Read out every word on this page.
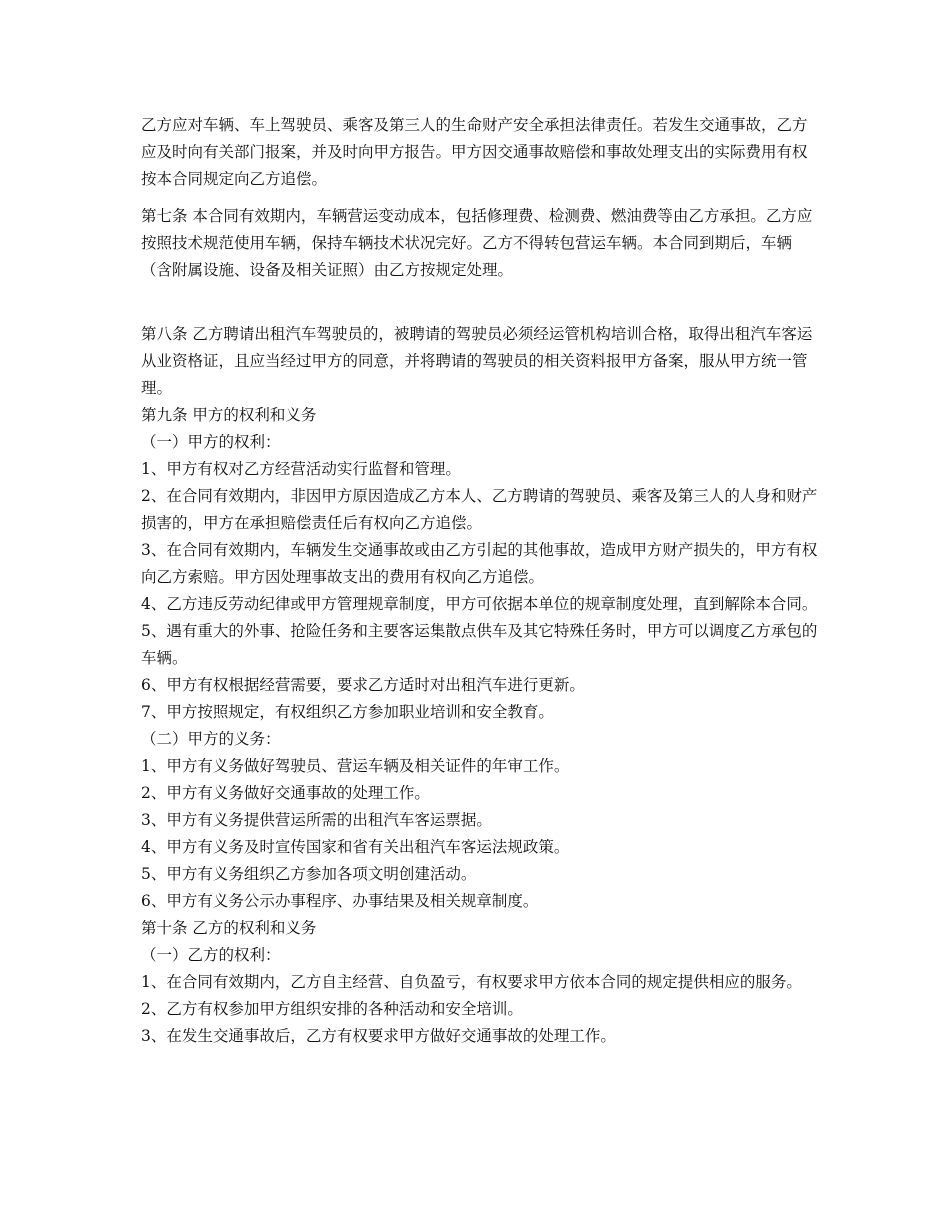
乙方应对车辆、车上驾驶员、乘客及第三人的生命财产安全承担法律责任。若发生交通事故，乙方应及时向有关部门报案，并及时向甲方报告。甲方因交通事故赔偿和事故处理支出的实际费用有权按本合同规定向乙方追偿。

第七条 本合同有效期内，车辆营运变动成本，包括修理费、检测费、燃油费等由乙方承担。乙方应按照技术规范使用车辆，保持车辆技术状况完好。乙方不得转包营运车辆。本合同到期后，车辆（含附属设施、设备及相关证照）由乙方按规定处理。

第八条 乙方聘请出租汽车驾驶员的，被聘请的驾驶员必须经运管机构培训合格，取得出租汽车客运从业资格证，且应当经过甲方的同意，并将聘请的驾驶员的相关资料报甲方备案，服从甲方统一管理。

第九条 甲方的权利和义务

（一）甲方的权利：

1、甲方有权对乙方经营活动实行监督和管理。

2、在合同有效期内，非因甲方原因造成乙方本人、乙方聘请的驾驶员、乘客及第三人的人身和财产损害的，甲方在承担赔偿责任后有权向乙方追偿。

3、在合同有效期内，车辆发生交通事故或由乙方引起的其他事故，造成甲方财产损失的，甲方有权向乙方索赔。甲方因处理事故支出的费用有权向乙方追偿。

4、乙方违反劳动纪律或甲方管理规章制度，甲方可依据本单位的规章制度处理，直到解除本合同。

5、遇有重大的外事、抢险任务和主要客运集散点供车及其它特殊任务时，甲方可以调度乙方承包的车辆。

6、甲方有权根据经营需要，要求乙方适时对出租汽车进行更新。

7、甲方按照规定，有权组织乙方参加职业培训和安全教育。

（二）甲方的义务：

1、甲方有义务做好驾驶员、营运车辆及相关证件的年审工作。

2、甲方有义务做好交通事故的处理工作。

3、甲方有义务提供营运所需的出租汽车客运票据。

4、甲方有义务及时宣传国家和省有关出租汽车客运法规政策。

5、甲方有义务组织乙方参加各项文明创建活动。

6、甲方有义务公示办事程序、办事结果及相关规章制度。

第十条 乙方的权利和义务

（一）乙方的权利：

1、在合同有效期内，乙方自主经营、自负盈亏，有权要求甲方依本合同的规定提供相应的服务。

2、乙方有权参加甲方组织安排的各种活动和安全培训。

3、在发生交通事故后，乙方有权要求甲方做好交通事故的处理工作。
